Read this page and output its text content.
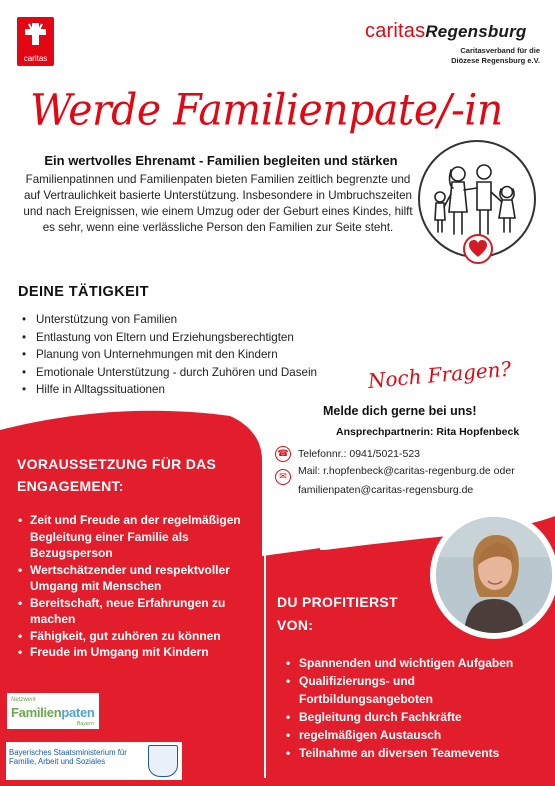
caritas
caritasRegensburg
Caritasverband für die
Diözese Regensburg e.V.
Werde Familienpate/-in
Ein wertvolles Ehrenamt - Familien begleiten und stärken
Familienpatinnen und Familienpaten bieten Familien zeitlich begrenzte und auf Vertraulichkeit basierte Unterstützung. Insbesondere in Umbruchszeiten und nach Ereignissen, wie einem Umzug oder der Geburt eines Kindes, hilft es sehr, wenn eine verlässliche Person den Familien zur Seite steht.
DEINE TÄTIGKEIT
• Unterstützung von Familien
• Entlastung von Eltern und Erziehungsberechtigten
• Planung von Unternehmungen mit den Kindern
• Emotionale Unterstützung - durch Zuhören und Dasein
• Hilfe in Alltagssituationen	Noch Fragen?
Melde dich gerne bei uns!
Ansprechpartnerin: Rita Hopfenbeck
☎ Telefonnr.: 0941/5021-523
✉	Mail: r.hopfenbeck@caritas-regenburg.de oder
familienpaten@caritas-regensburg.de
VORAUSSETZUNG FÜR DAS
ENGAGEMENT:
• Zeit und Freude an der regelmäßigen Begleitung einer Familie als Bezugsperson
• Wertschätzender und respektvoller Umgang mit Menschen
• Bereitschaft, neue Erfahrungen zu machen
• Fähigkeit, gut zuhören zu können
• Freude im Umgang mit Kindern
DU PROFITIERST
VON:
• Spannenden und wichtigen Aufgaben
• Qualifizierungs- und Fortbildungsangeboten
• Begleitung durch Fachkräfte
• regelmäßigen Austausch
• Teilnahme an diversen Teamevents
Netzwerk
Familienpaten
Bayern
Bayerisches Staatsministerium für
Familie, Arbeit und Soziales
